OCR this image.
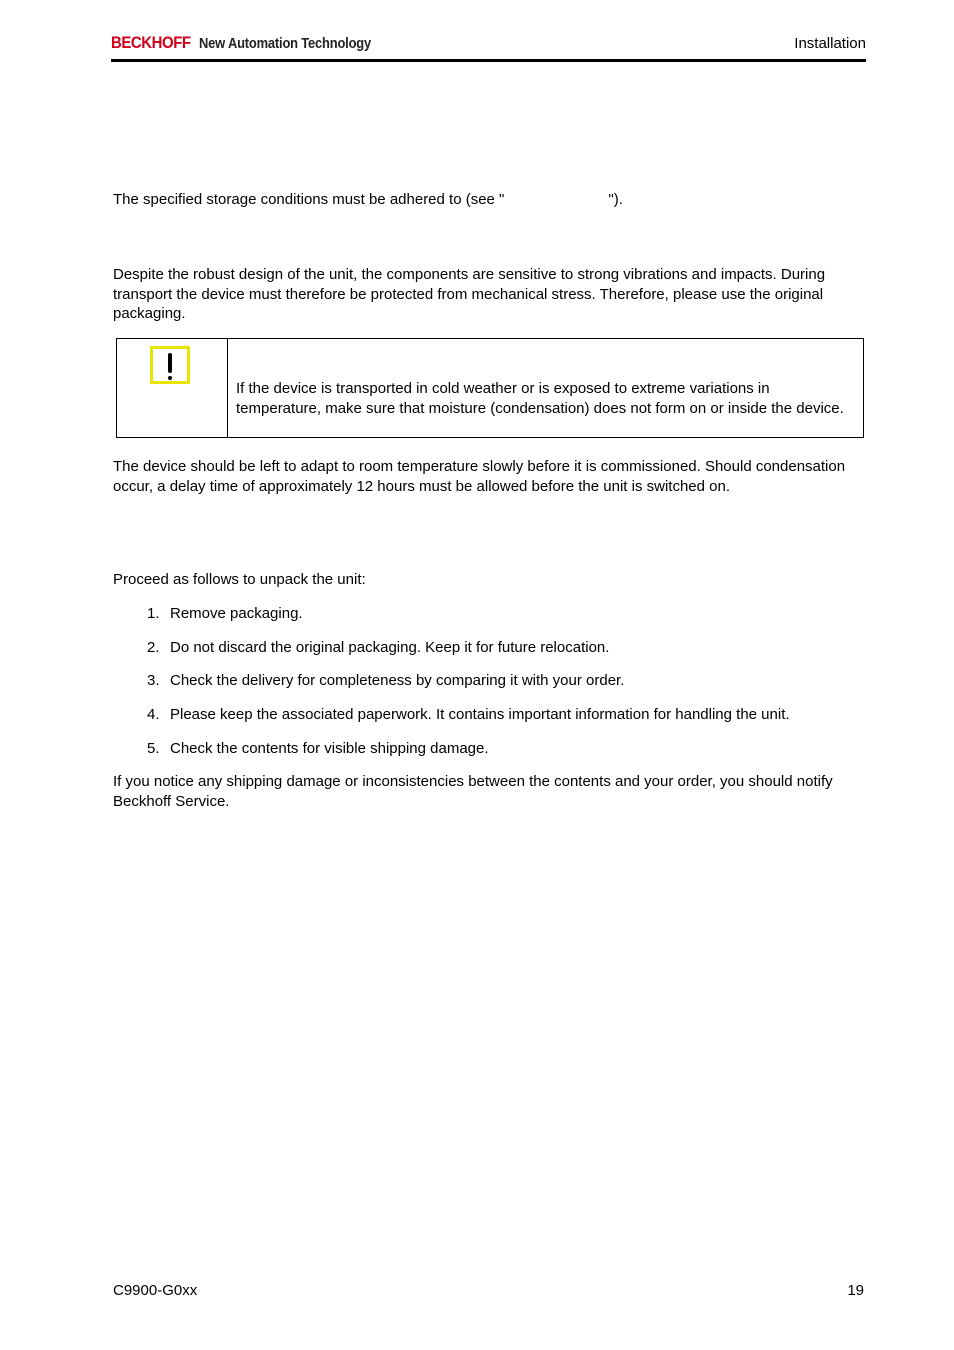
BECKHOFF New Automation Technology	Installation

The specified storage conditions must be adhered to (see "	").

Despite the robust design of the unit, the components are sensitive to strong vibrations and impacts. During transport the device must therefore be protected from mechanical stress. Therefore, please use the original packaging.

If the device is transported in cold weather or is exposed to extreme variations in temperature, make sure that moisture (condensation) does not form on or inside the device.

The device should be left to adapt to room temperature slowly before it is commissioned. Should condensation occur, a delay time of approximately 12 hours must be allowed before the unit is switched on.

Proceed as follows to unpack the unit:

1. Remove packaging.
2. Do not discard the original packaging. Keep it for future relocation.
3. Check the delivery for completeness by comparing it with your order.
4. Please keep the associated paperwork. It contains important information for handling the unit.
5. Check the contents for visible shipping damage.

If you notice any shipping damage or inconsistencies between the contents and your order, you should notify Beckhoff Service.

C9900-G0xx	19
